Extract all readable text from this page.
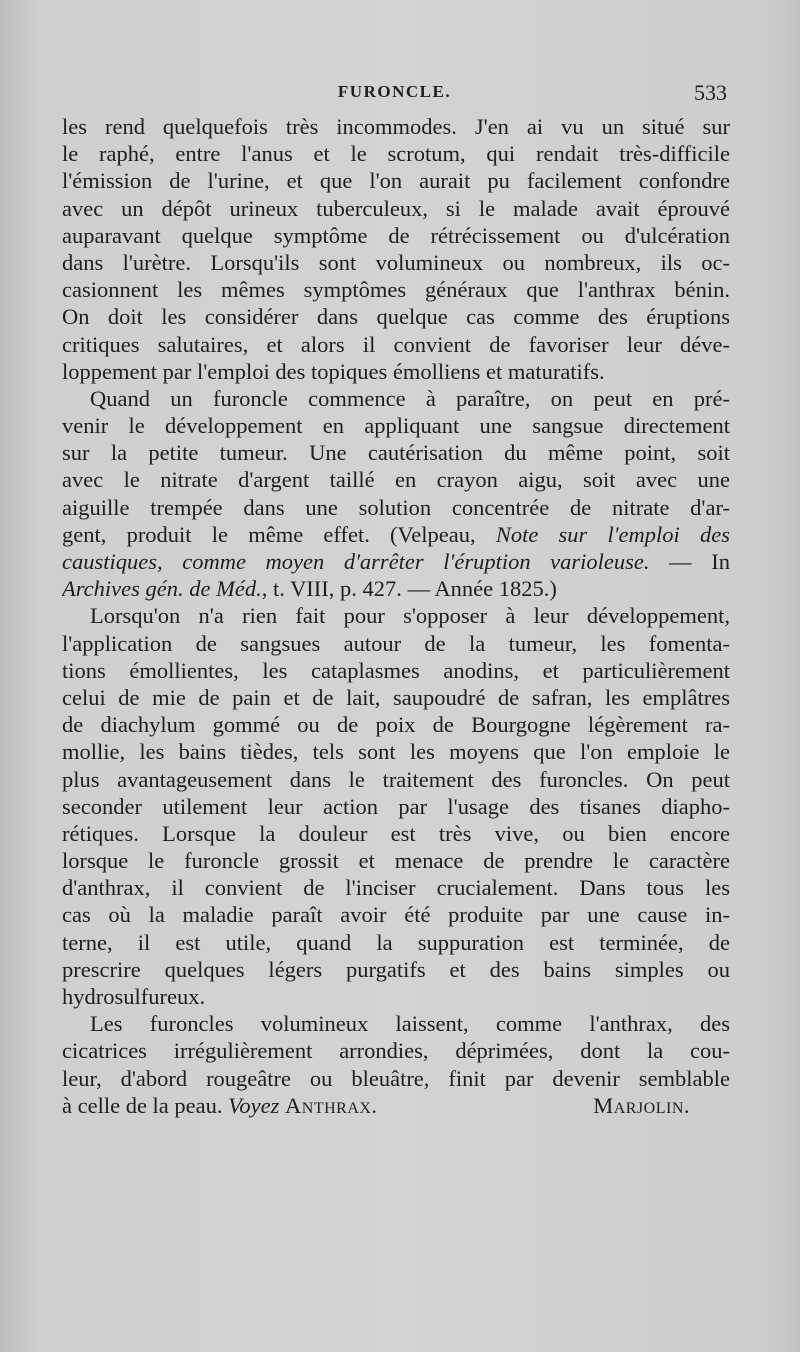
FURONCLE.	533
les rend quelquefois très incommodes. J'en ai vu un situé sur
le raphé, entre l'anus et le scrotum, qui rendait très-difficile
l'émission de l'urine, et que l'on aurait pu facilement confondre
avec un dépôt urineux tuberculeux, si le malade avait éprouvé
auparavant quelque symptôme de rétrécissement ou d'ulcération
dans l'urètre. Lorsqu'ils sont volumineux ou nombreux, ils oc-
casionnent les mêmes symptômes généraux que l'anthrax bénin.
On doit les considérer dans quelque cas comme des éruptions
critiques salutaires, et alors il convient de favoriser leur déve-
loppement par l'emploi des topiques émolliens et maturatifs.
Quand un furoncle commence à paraître, on peut en pré-
venir le développement en appliquant une sangsue directement
sur la petite tumeur. Une cautérisation du même point, soit
avec le nitrate d'argent taillé en crayon aigu, soit avec une
aiguille trempée dans une solution concentrée de nitrate d'ar-
gent, produit le même effet. (Velpeau, Note sur l'emploi des
caustiques, comme moyen d'arrêter l'éruption varioleuse. — In
Archives gén. de Méd., t. VIII, p. 427. — Année 1825.)
Lorsqu'on n'a rien fait pour s'opposer à leur développement,
l'application de sangsues autour de la tumeur, les fomenta-
tions émollientes, les cataplasmes anodins, et particulièrement
celui de mie de pain et de lait, saupoudré de safran, les emplâtres
de diachylum gommé ou de poix de Bourgogne légèrement ra-
mollie, les bains tièdes, tels sont les moyens que l'on emploie le
plus avantageusement dans le traitement des furoncles. On peut
seconder utilement leur action par l'usage des tisanes diapho-
rétiques. Lorsque la douleur est très vive, ou bien encore
lorsque le furoncle grossit et menace de prendre le caractère
d'anthrax, il convient de l'inciser crucialement. Dans tous les
cas où la maladie paraît avoir été produite par une cause in-
terne, il est utile, quand la suppuration est terminée, de
prescrire quelques légers purgatifs et des bains simples ou
hydrosulfureux.
Les furoncles volumineux laissent, comme l'anthrax, des
cicatrices irrégulièrement arrondies, déprimées, dont la cou-
leur, d'abord rougeâtre ou bleuâtre, finit par devenir semblable
à celle de la peau. Voyez Anthrax.	Marjolin.
